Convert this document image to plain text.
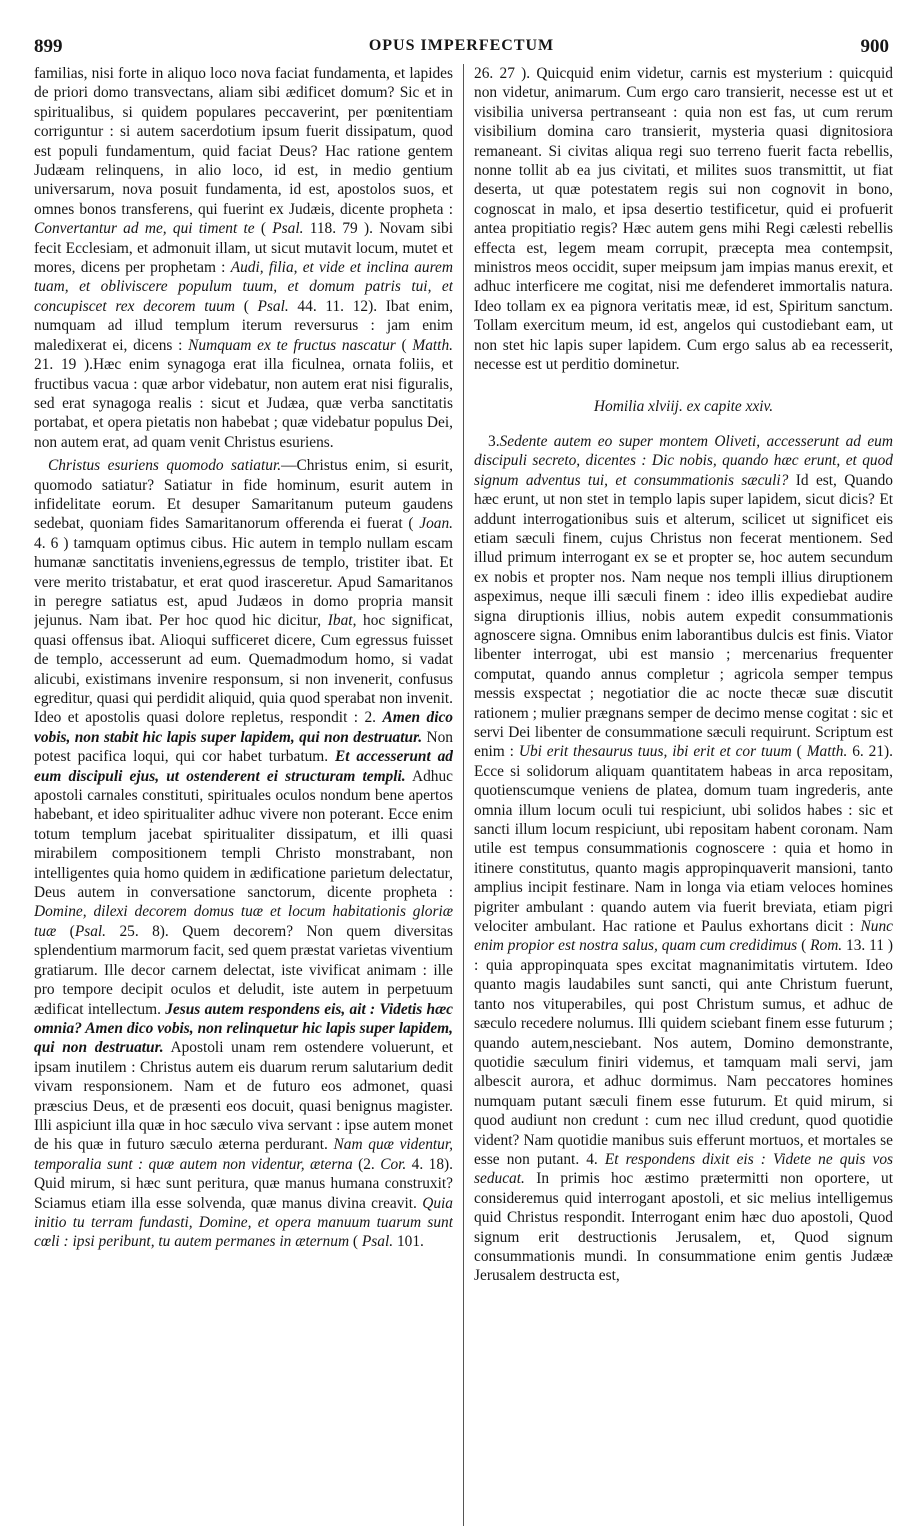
899	OPUS IMPERFECTUM	900

familias, nisi forte in aliquo loco nova faciat fundamenta, et lapides de priori domo transvectans, aliam sibi ædificet domum? Sic et in spiritualibus, si quidem populares peccaverint, per pœnitentiam corriguntur : si autem sacerdotium ipsum fuerit dissipatum, quod est populi fundamentum, quid faciat Deus? Hac ratione gentem Judæam relinquens, in alio loco, id est, in medio gentium universarum, nova posuit fundamenta, id est, apostolos suos, et omnes bonos transferens, qui fuerint ex Judæis, dicente propheta : Convertantur ad me, qui timent te ( Psal. 118. 79 ). Novam sibi fecit Ecclesiam, et admonuit illam, ut sicut mutavit locum, mutet et mores, dicens per prophetam : Audi, filia, et vide et inclina aurem tuam, et obliviscere populum tuum, et domum patris tui, et concupiscet rex decorem tuum ( Psal. 44. 11. 12). Ibat enim, numquam ad illud templum iterum reversurus : jam enim maledixerat ei, dicens : Numquam ex te fructus nascatur ( Matth. 21. 19 ).Hæc enim synagoga erat illa ficulnea, ornata foliis, et fructibus vacua : quæ arbor videbatur, non autem erat nisi figuralis, sed erat synagoga realis : sicut et Judæa, quæ verba sanctitatis portabat, et opera pietatis non habebat ; quæ videbatur populus Dei, non autem erat, ad quam venit Christus esuriens.

Christus esuriens quomodo satiatur.—Christus enim, si esurit, quomodo satiatur? Satiatur in fide hominum, esurit autem in infidelitate eorum. Et desuper Samaritanum puteum gaudens sedebat, quoniam fides Samaritanorum offerenda ei fuerat ( Joan. 4. 6 ) tamquam optimus cibus. Hic autem in templo nullam escam humanæ sanctitatis inveniens,egressus de templo, tristiter ibat. Et vere merito tristabatur, et erat quod irasceretur. Apud Samaritanos in peregre satiatus est, apud Judæos in domo propria mansit jejunus. Nam ibat. Per hoc quod hic dicitur, Ibat, hoc significat, quasi offensus ibat. Alioqui sufficeret dicere, Cum egressus fuisset de templo, accesserunt ad eum. Quemadmodum homo, si vadat alicubi, existimans invenire responsum, si non invenerit, confusus egreditur, quasi qui perdidit aliquid, quia quod sperabat non invenit. Ideo et apostolis quasi dolore repletus, respondit : 2. Amen dico vobis, non stabit hic lapis super lapidem, qui non destruatur. Non potest pacifica loqui, qui cor habet turbatum. Et accesserunt ad eum discipuli ejus, ut ostenderent ei structuram templi. Adhuc apostoli carnales constituti, spirituales oculos nondum bene apertos habebant, et ideo spiritualiter adhuc vivere non poterant. Ecce enim totum templum jacebat spiritualiter dissipatum, et illi quasi mirabilem compositionem templi Christo monstrabant, non intelligentes quia homo quidem in ædificatione parietum delectatur, Deus autem in conversatione sanctorum, dicente propheta : Domine, dilexi decorem domus tuæ et locum habitationis gloriæ tuæ (Psal. 25. 8). Quem decorem? Non quem diversitas splendentium marmorum facit, sed quem præstat varietas viventium gratiarum. Ille decor carnem delectat, iste vivificat animam : ille pro tempore decipit oculos et deludit, iste autem in perpetuum ædificat intellectum. Jesus autem respondens eis, ait : Videtis hæc omnia? Amen dico vobis, non relinquetur hic lapis super lapidem, qui non destruatur. Apostoli unam rem ostendere voluerunt, et ipsam inutilem : Christus autem eis duarum rerum salutarium dedit vivam responsionem. Nam et de futuro eos admonet, quasi præscius Deus, et de præsenti eos docuit, quasi benignus magister. Illi aspiciunt illa quæ in hoc sæculo viva servant : ipse autem monet de his quæ in futuro sæculo æterna perdurant. Nam quæ videntur, temporalia sunt : quæ autem non videntur, æterna (2. Cor. 4. 18). Quid mirum, si hæc sunt peritura, quæ manus humana construxit? Sciamus etiam illa esse solvenda, quæ manus divina creavit. Quia initio tu terram fundasti, Domine, et opera manuum tuarum sunt cœli : ipsi peribunt, tu autem permanes in æternum ( Psal. 101.

26. 27 ). Quicquid enim videtur, carnis est mysterium : quicquid non videtur, animarum. Cum ergo caro transierit, necesse est ut et visibilia universa pertranseant : quia non est fas, ut cum rerum visibilium domina caro transierit, mysteria quasi dignitosiora remaneant. Si civitas aliqua regi suo terreno fuerit facta rebellis, nonne tollit ab ea jus civitati, et milites suos transmittit, ut fiat deserta, ut quæ potestatem regis sui non cognovit in bono, cognoscat in malo, et ipsa desertio testificetur, quid ei profuerit antea propitiatio regis? Hæc autem gens mihi Regi cælesti rebellis effecta est, legem meam corrupit, præcepta mea contempsit, ministros meos occidit, super meipsum jam impias manus erexit, et adhuc interficere me cogitat, nisi me defenderet immortalis natura. Ideo tollam ex ea pignora veritatis meæ, id est, Spiritum sanctum. Tollam exercitum meum, id est, angelos qui custodiebant eam, ut non stet hic lapis super lapidem. Cum ergo salus ab ea recesserit, necesse est ut perditio dominetur.

Homilia xlviij. ex capite xxiv.

3.Sedente autem eo super montem Oliveti, accesserunt ad eum discipuli secreto, dicentes : Dic nobis, quando hæc erunt, et quod signum adventus tui, et consummationis sæculi? Id est, Quando hæc erunt, ut non stet in templo lapis super lapidem, sicut dicis? Et addunt interrogationibus suis et alterum, scilicet ut significet eis etiam sæculi finem, cujus Christus non fecerat mentionem. Sed illud primum interrogant ex se et propter se, hoc autem secundum ex nobis et propter nos. Nam neque nos templi illius diruptionem aspeximus, neque illi sæculi finem : ideo illis expediebat audire signa diruptionis illius, nobis autem expedit consummationis agnoscere signa. Omnibus enim laborantibus dulcis est finis. Viator libenter interrogat, ubi est mansio ; mercenarius frequenter computat, quando annus completur ; agricola semper tempus messis exspectat ; negotiatior die ac nocte thecæ suæ discutit rationem ; mulier prægnans semper de decimo mense cogitat : sic et servi Dei libenter de consummatione sæculi requirunt. Scriptum est enim : Ubi erit thesaurus tuus, ibi erit et cor tuum ( Matth. 6. 21). Ecce si solidorum aliquam quantitatem habeas in arca repositam, quotienscumque veniens de platea, domum tuam ingrederis, ante omnia illum locum oculi tui respiciunt, ubi solidos habes : sic et sancti illum locum respiciunt, ubi repositam habent coronam. Nam utile est tempus consummationis cognoscere : quia et homo in itinere constitutus, quanto magis appropinquaverit mansioni, tanto amplius incipit festinare. Nam in longa via etiam veloces homines pigriter ambulant : quando autem via fuerit breviata, etiam pigri velociter ambulant. Hac ratione et Paulus exhortans dicit : Nunc enim propior est nostra salus, quam cum credidimus ( Rom. 13. 11 ) : quia appropinquata spes excitat magnanimitatis virtutem. Ideo quanto magis laudabiles sunt sancti, qui ante Christum fuerunt, tanto nos vituperabiles, qui post Christum sumus, et adhuc de sæculo recedere nolumus. Illi quidem sciebant finem esse futurum ; quando autem,nesciebant. Nos autem, Domino demonstrante, quotidie sæculum finiri videmus, et tamquam mali servi, jam albescit aurora, et adhuc dormimus. Nam peccatores homines numquam putant sæculi finem esse futurum. Et quid mirum, si quod audiunt non credunt : cum nec illud credunt, quod quotidie vident? Nam quotidie manibus suis efferunt mortuos, et mortales se esse non putant. 4. Et respondens dixit eis : Videte ne quis vos seducat. In primis hoc æstimo prætermitti non oportere, ut consideremus quid interrogant apostoli, et sic melius intelligemus quid Christus respondit. Interrogant enim hæc duo apostoli, Quod signum erit destructionis Jerusalem, et, Quod signum consummationis mundi. In consummatione enim gentis Judææ Jerusalem destructa est,
